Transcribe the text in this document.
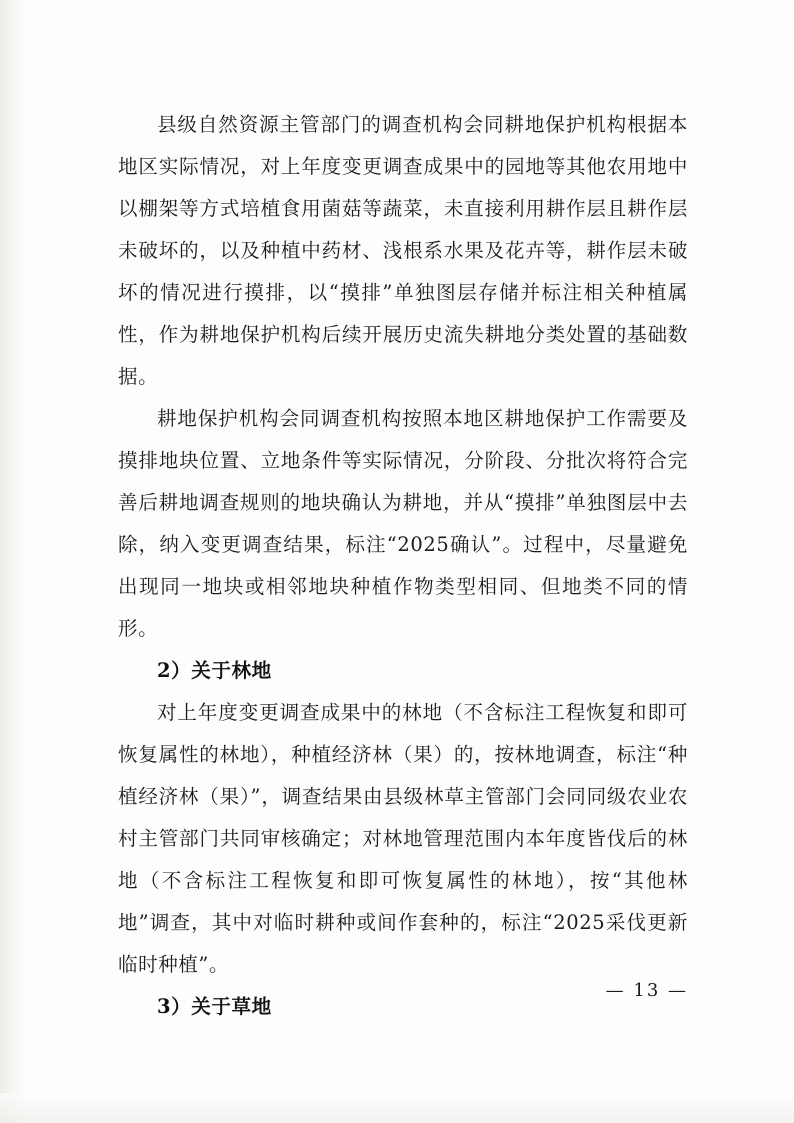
县级自然资源主管部门的调查机构会同耕地保护机构根据本地区实际情况，对上年度变更调查成果中的园地等其他农用地中以棚架等方式培植食用菌菇等蔬菜，未直接利用耕作层且耕作层未破坏的，以及种植中药材、浅根系水果及花卉等，耕作层未破坏的情况进行摸排，以“摸排”单独图层存储并标注相关种植属性，作为耕地保护机构后续开展历史流失耕地分类处置的基础数据。

耕地保护机构会同调查机构按照本地区耕地保护工作需要及摸排地块位置、立地条件等实际情况，分阶段、分批次将符合完善后耕地调查规则的地块确认为耕地，并从“摸排”单独图层中去除，纳入变更调查结果，标注“2025确认”。过程中，尽量避免出现同一地块或相邻地块种植作物类型相同、但地类不同的情形。

2）关于林地

对上年度变更调查成果中的林地（不含标注工程恢复和即可恢复属性的林地），种植经济林（果）的，按林地调查，标注“种植经济林（果）”，调查结果由县级林草主管部门会同同级农业农村主管部门共同审核确定；对林地管理范围内本年度皆伐后的林地（不含标注工程恢复和即可恢复属性的林地），按“其他林地”调查，其中对临时耕种或间作套种的，标注“2025采伐更新临时种植”。

3）关于草地

— 13 —
